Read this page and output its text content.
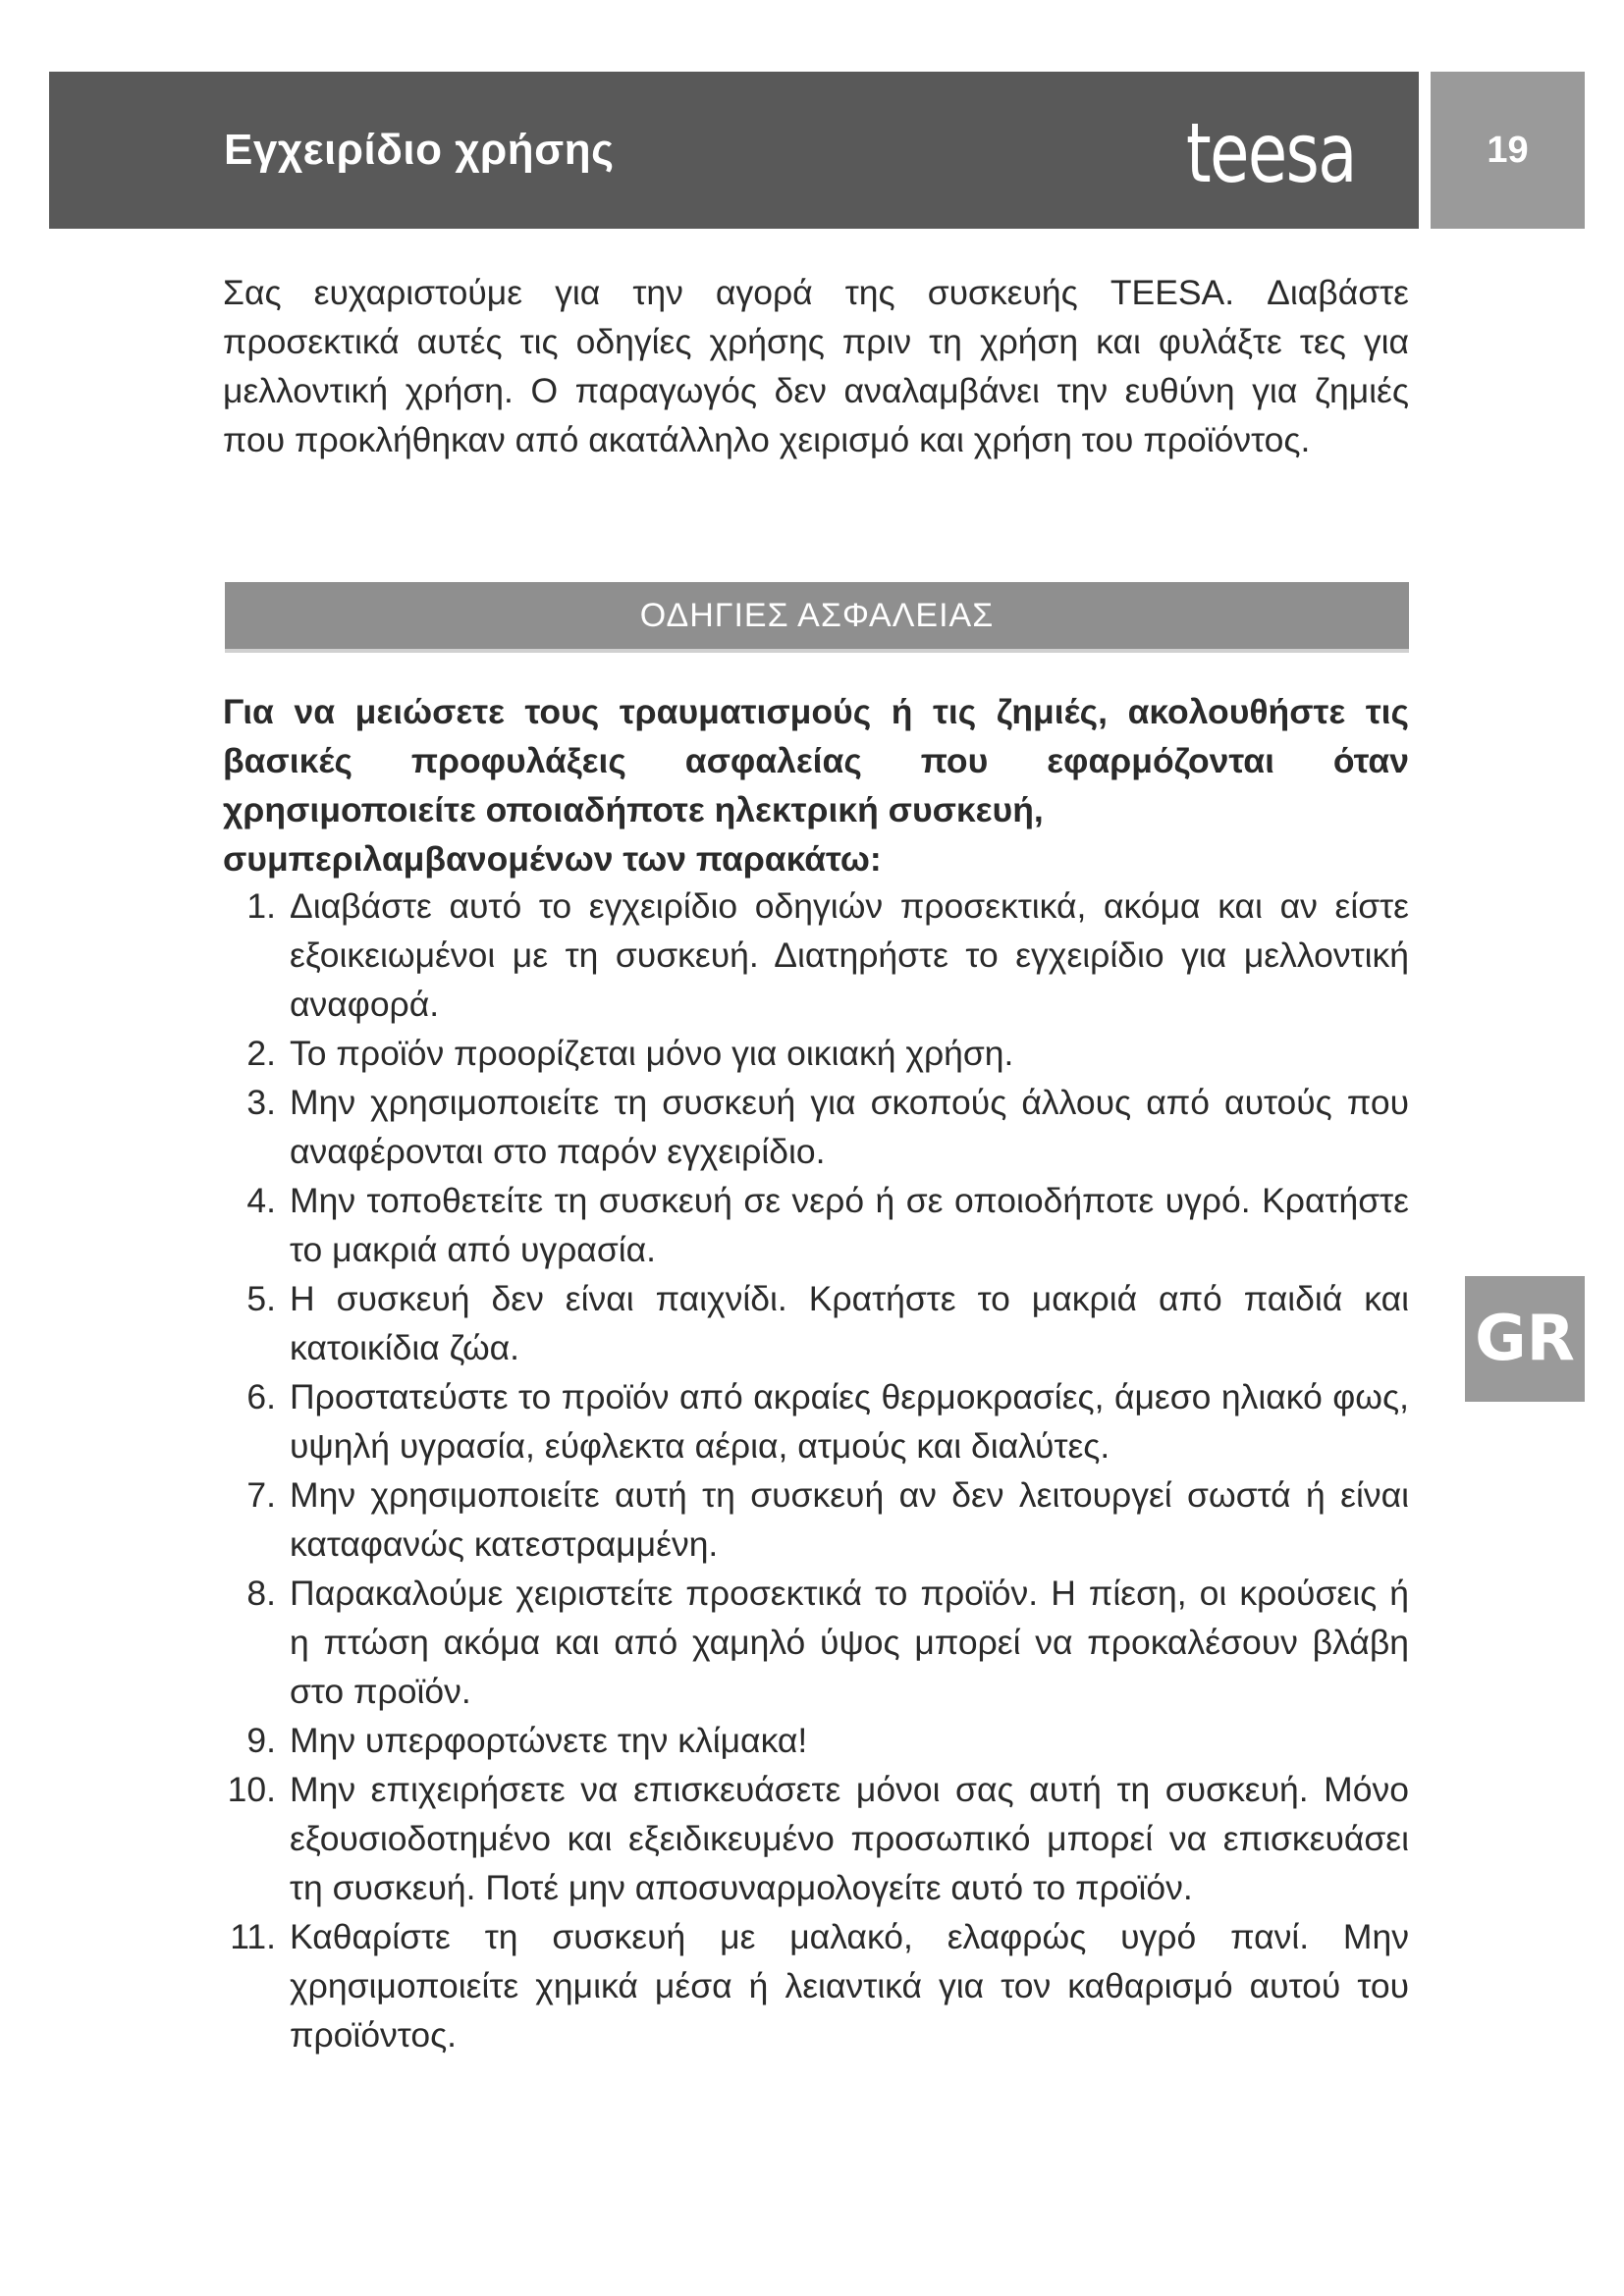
Εγχειρίδιο χρήσης	teesa	19
GR

Σας ευχαριστούμε για την αγορά της συσκευής TEESA. Διαβάστε προσεκτικά αυτές τις οδηγίες χρήσης πριν τη χρήση και φυλάξτε τες για μελλοντική χρήση. Ο παραγωγός δεν αναλαμβάνει την ευθύνη για ζημιές που προκλήθηκαν από ακατάλληλο χειρισμό και χρήση του προϊόντος.

ΟΔΗΓΙΕΣ ΑΣΦΑΛΕΙΑΣ

Για να μειώσετε τους τραυματισμούς ή τις ζημιές, ακολουθήστε τις βασικές προφυλάξεις ασφαλείας που εφαρμόζονται όταν χρησιμοποιείτε οποιαδήποτε ηλεκτρική συσκευή,
συμπεριλαμβανομένων των παρακάτω:

1. Διαβάστε αυτό το εγχειρίδιο οδηγιών προσεκτικά, ακόμα και αν είστε εξοικειωμένοι με τη συσκευή. Διατηρήστε το εγχειρίδιο για μελλοντική αναφορά.
2. Το προϊόν προορίζεται μόνο για οικιακή χρήση.
3. Μην χρησιμοποιείτε τη συσκευή για σκοπούς άλλους από αυτούς που αναφέρονται στο παρόν εγχειρίδιο.
4. Μην τοποθετείτε τη συσκευή σε νερό ή σε οποιοδήποτε υγρό. Κρατήστε το μακριά από υγρασία.
5. Η συσκευή δεν είναι παιχνίδι. Κρατήστε το μακριά από παιδιά και κατοικίδια ζώα.
6. Προστατεύστε το προϊόν από ακραίες θερμοκρασίες, άμεσο ηλιακό φως, υψηλή υγρασία, εύφλεκτα αέρια, ατμούς και διαλύτες.
7. Μην χρησιμοποιείτε αυτή τη συσκευή αν δεν λειτουργεί σωστά ή είναι καταφανώς κατεστραμμένη.
8. Παρακαλούμε χειριστείτε προσεκτικά το προϊόν. Η πίεση, οι κρούσεις ή η πτώση ακόμα και από χαμηλό ύψος μπορεί να προκαλέσουν βλάβη στο προϊόν.
9. Μην υπερφορτώνετε την κλίμακα!
10. Μην επιχειρήσετε να επισκευάσετε μόνοι σας αυτή τη συσκευή. Μόνο εξουσιοδοτημένο και εξειδικευμένο προσωπικό μπορεί να επισκευάσει τη συσκευή. Ποτέ μην αποσυναρμολογείτε αυτό το προϊόν.
11. Καθαρίστε τη συσκευή με μαλακό, ελαφρώς υγρό πανί. Μην χρησιμοποιείτε χημικά μέσα ή λειαντικά για τον καθαρισμό αυτού του προϊόντος.
